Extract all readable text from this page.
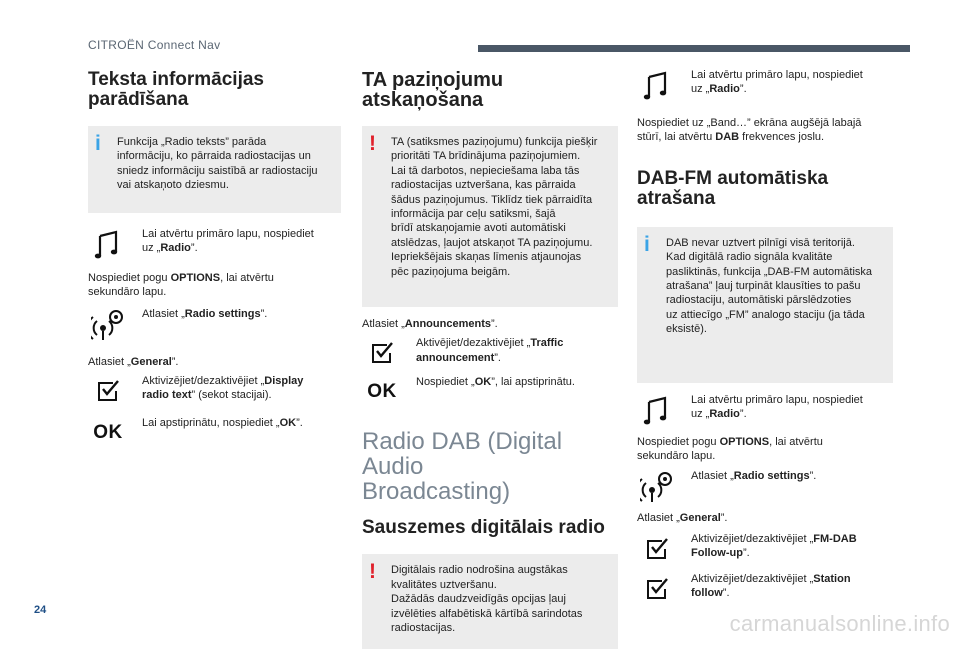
CITROËN Connect Nav
Teksta informācijas
parādīšana
i	Funkcija „Radio teksts” parāda
informāciju, ko pārraida radiostacijas un
sniedz informāciju saistībā ar radiostaciju
vai atskaņoto dziesmu.
Lai atvērtu primāro lapu, nospiediet
uz „Radio”.
Nospiediet pogu OPTIONS, lai atvērtu
sekundāro lapu.
Atlasiet „Radio settings”.
Atlasiet „General”.
Aktivizējiet/dezaktivējiet „Display
radio text” (sekot stacijai).
OK Lai apstiprinātu, nospiediet „OK”.
TA paziņojumu atskaņošana
!	TA (satiksmes paziņojumu) funkcija piešķir
prioritāti TA brīdinājuma paziņojumiem.
Lai tā darbotos, nepieciešama laba tās
radiostacijas uztveršana, kas pārraida
šādus paziņojumus. Tiklīdz tiek pārraidīta
informācija par ceļu satiksmi, šajā
brīdī atskaņojamie avoti automātiski
atslēdzas, ļaujot atskaņot TA paziņojumu.
Iepriekšējais skaņas līmenis atjaunojas
pēc paziņojuma beigām.
Atlasiet „Announcements”.
Aktivējiet/dezaktivējiet „Traffic
announcement”.
OK Nospiediet „OK”, lai apstiprinātu.
Radio DAB (Digital Audio
Broadcasting)
Sauszemes digitālais radio
!	Digitālais radio nodrošina augstākas
kvalitātes uztveršanu.
Dažādās daudzveidīgās opcijas ļauj
izvēlēties alfabētiskā kārtībā sarindotas
radiostacijas.
Lai atvērtu primāro lapu, nospiediet
uz „Radio”.
Nospiediet uz „Band…” ekrāna augšējā labajā
stūrī, lai atvērtu DAB frekvences joslu.
DAB-FM automātiska atrašana
i	DAB nevar uztvert pilnīgi visā teritorijā.
Kad digitālā radio signāla kvalitāte
pasliktinās, funkcija „DAB-FM automātiska
atrašana” ļauj turpināt klausīties to pašu
radiostaciju, automātiski pārslēdzoties
uz attiecīgo „FM” analogo staciju (ja tāda
eksistē).
Lai atvērtu primāro lapu, nospiediet
uz „Radio”.
Nospiediet pogu OPTIONS, lai atvērtu
sekundāro lapu.
Atlasiet „Radio settings”.
Atlasiet „General”.
Aktivizējiet/dezaktivējiet „FM-DAB
Follow-up”.
Aktivizējiet/dezaktivējiet „Station
follow”.
24
carmanualsonline.info
